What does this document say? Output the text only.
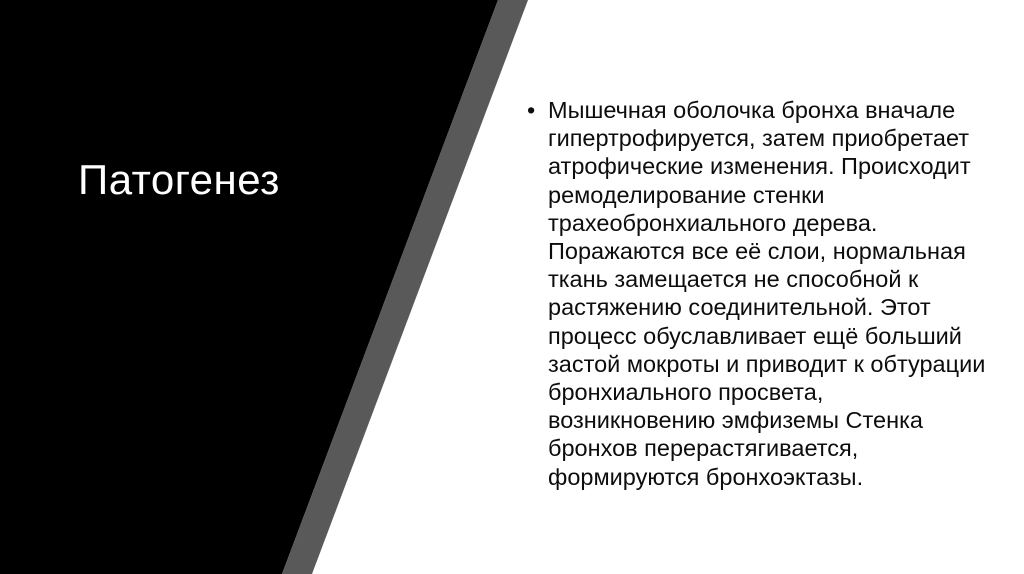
Патогенез
• Мышечная оболочка бронха вначале
гипертрофируется, затем приобретает
атрофические изменения. Происходит
ремоделирование стенки
трахеобронхиального дерева.
Поражаются все её слои, нормальная
ткань замещается не способной к
растяжению соединительной. Этот
процесс обуславливает ещё больший
застой мокроты и приводит к обтурации
бронхиального просвета,
возникновению эмфиземы Стенка
бронхов перерастягивается,
формируются бронхоэктазы.
